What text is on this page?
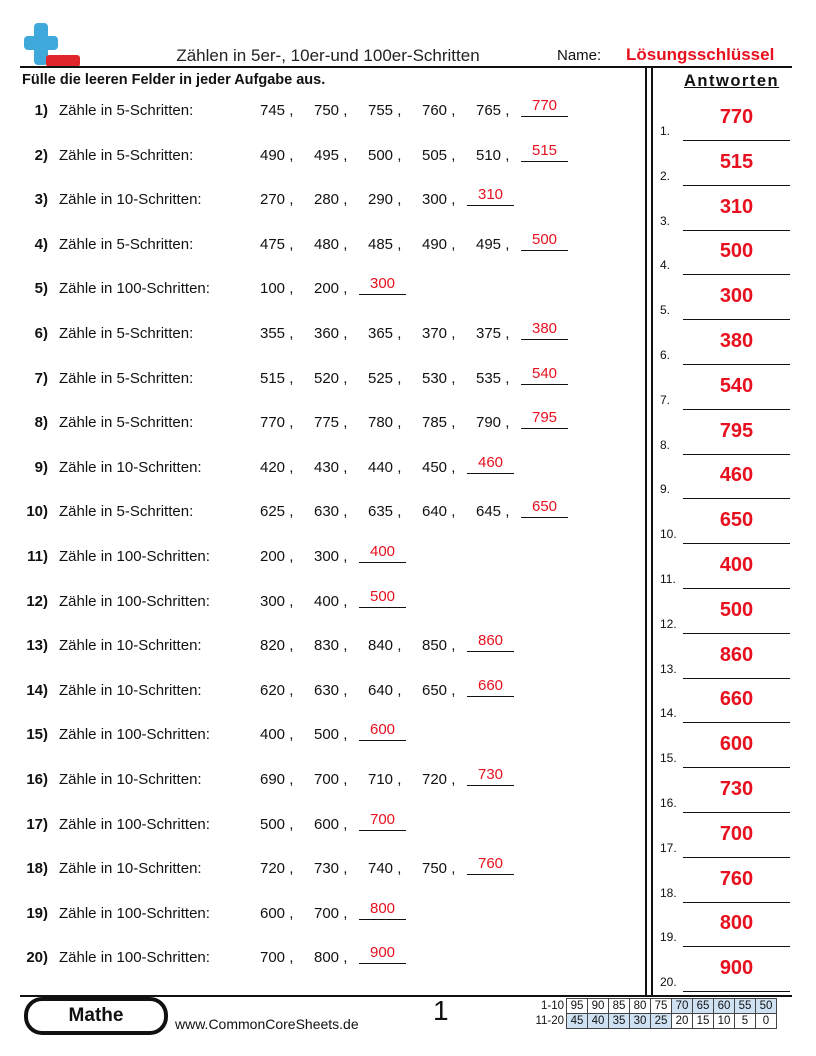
Zählen in 5er-, 10er-und 100er-Schritten	Name: Lösungsschlüssel
Fülle die leeren Felder in jeder Aufgabe aus.	Antworten
1) Zähle in 5-Schritten:	745 , 750 , 755 , 760 , 765 ,	770
2) Zähle in 5-Schritten:	490 , 495 , 500 , 505 , 510 ,	515
3) Zähle in 10-Schritten:	270 , 280 , 290 , 300 ,	310
4) Zähle in 5-Schritten:	475 , 480 , 485 , 490 , 495 ,	500
5) Zähle in 100-Schritten:	100 , 200 ,	300
6) Zähle in 5-Schritten:	355 , 360 , 365 , 370 , 375 ,	380
7) Zähle in 5-Schritten:	515 , 520 , 525 , 530 , 535 ,	540
8) Zähle in 5-Schritten:	770 , 775 , 780 , 785 , 790 ,	795
9) Zähle in 10-Schritten:	420 , 430 , 440 , 450 ,	460
10) Zähle in 5-Schritten:	625 , 630 , 635 , 640 , 645 ,	650
11) Zähle in 100-Schritten:	200 , 300 ,	400
12) Zähle in 100-Schritten:	300 , 400 ,	500
13) Zähle in 10-Schritten:	820 , 830 , 840 , 850 ,	860
14) Zähle in 10-Schritten:	620 , 630 , 640 , 650 ,	660
15) Zähle in 100-Schritten:	400 , 500 ,	600
16) Zähle in 10-Schritten:	690 , 700 , 710 , 720 ,	730
17) Zähle in 100-Schritten:	500 , 600 ,	700
18) Zähle in 10-Schritten:	720 , 730 , 740 , 750 ,	760
19) Zähle in 100-Schritten:	600 , 700 ,	800
20) Zähle in 100-Schritten:	700 , 800 ,	900
1.
770
2.
515
3.
310
4.
500
5.
300
6.
380
7.
540
8.
795
9.
460
10.
650
11.
400
12.
500
13.
860
14.
660
15.
600
16.
730
17.
700
18.
760
19.
800
20.
900
Mathe	www.CommonCoreSheets.de	1	1-10	95	90	85	80	75	70	65	60	55	50
11-20	45	40	35	30	25	20	15	10	5	0
